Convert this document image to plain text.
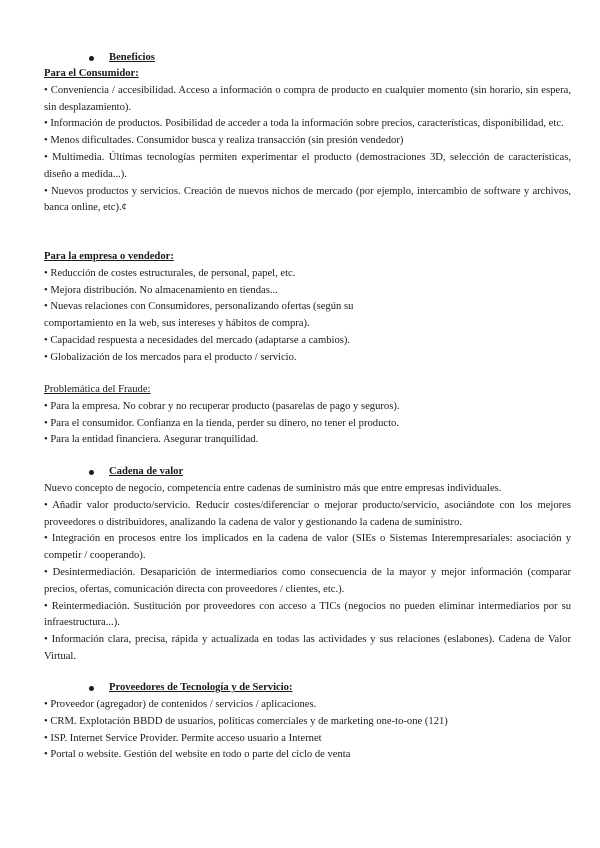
Beneficios
Para el Consumidor:
• Conveniencia / accesibilidad. Acceso a información o compra de producto en cualquier momento (sin horario, sin espera, sin desplazamiento).
• Información de productos. Posibilidad de acceder a toda la información sobre precios, características, disponibilidad, etc.
• Menos dificultades. Consumidor busca y realiza transacción (sin presión vendedor)
• Multimedia. Últimas tecnologías permiten experimentar el producto (demostraciones 3D, selección de características, diseño a medida...).
• Nuevos productos y servicios. Creación de nuevos nichos de mercado (por ejemplo, intercambio de software y archivos, banca online, etc).¢
Para la empresa o vendedor:
• Reducción de costes estructurales, de personal, papel, etc.
• Mejora distribución. No almacenamiento en tiendas...
• Nuevas relaciones con Consumidores, personalizando ofertas (según su
comportamiento en la web, sus intereses y hábitos de compra).
• Capacidad respuesta a necesidades del mercado (adaptarse a cambios).
• Globalización de los mercados para el producto / servicio.
Problemática del Fraude:
• Para la empresa. No cobrar y no recuperar producto (pasarelas de pago y seguros).
• Para el consumidor. Confianza en la tienda, perder su dinero, no tener el producto.
• Para la entidad financiera. Asegurar tranquilidad.
Cadena de valor
Nuevo concepto de negocio, competencia entre cadenas de suministro más que entre empresas individuales.
• Añadir valor producto/servicio. Reducir costes/diferenciar o mejorar producto/servicio, asociándote con los mejores proveedores o distribuidores, analizando la cadena de valor y gestionando la cadena de suministro.
• Integración en procesos entre los implicados en la cadena de valor (SIEs o Sistemas Interempresariales: asociación y competir / cooperando).
• Desintermediación. Desaparición de intermediarios como consecuencia de la mayor y mejor información (comparar precios, ofertas, comunicación directa con proveedores / clientes, etc.).
• Reintermediación. Sustitución por proveedores con acceso a TICs (negocios no pueden eliminar intermediarios por su infraestructura...).
• Información clara, precisa, rápida y actualizada en todas las actividades y sus relaciones (eslabones). Cadena de Valor Virtual.
Proveedores de Tecnología y de Servicio:
• Proveedor (agregador) de contenidos / servicios / aplicaciones.
• CRM. Explotación BBDD de usuarios, políticas comerciales y de marketing one-to-one (121)
• ISP. Internet Service Provider. Permite acceso usuario a Internet
• Portal o website. Gestión del website en todo o parte del ciclo de venta
